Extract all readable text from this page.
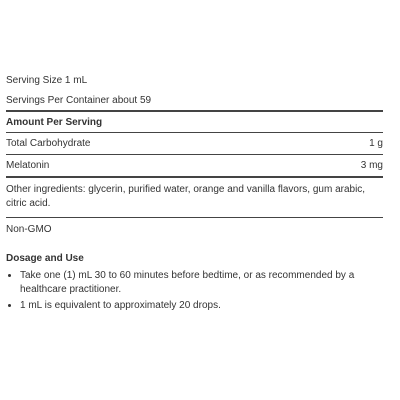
Serving Size 1 mL
Servings Per Container about 59
Amount Per Serving
Total Carbohydrate	1 g
Melatonin	3 mg
Other ingredients: glycerin, purified water, orange and vanilla flavors, gum arabic, citric acid.
Non-GMO
Dosage and Use
• Take one (1) mL 30 to 60 minutes before bedtime, or as recommended by a healthcare practitioner.
• 1 mL is equivalent to approximately 20 drops.
